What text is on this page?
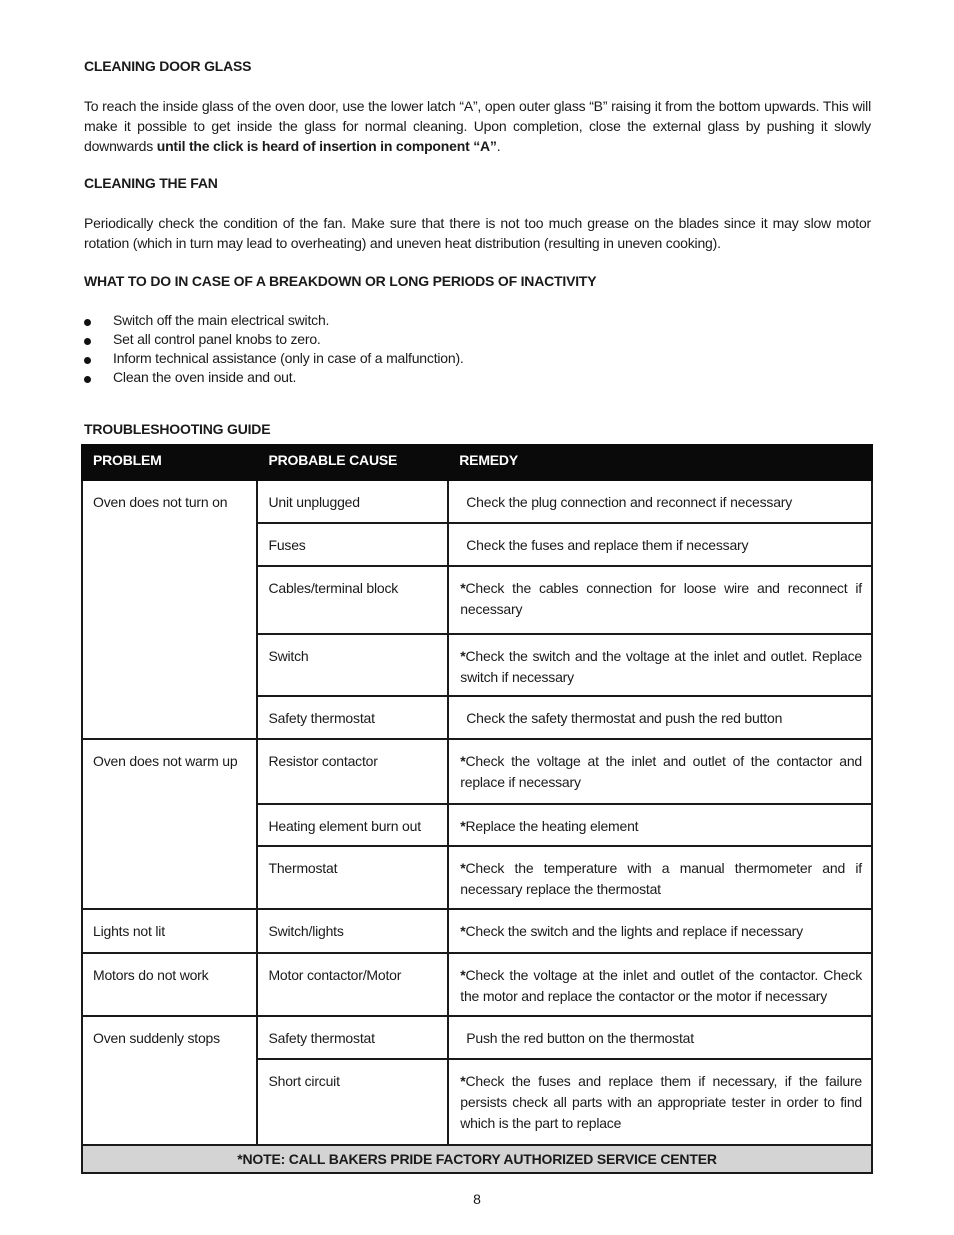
CLEANING DOOR GLASS
To reach the inside glass of the oven door, use the lower latch “A”, open outer glass “B” raising it from the bottom upwards. This will make it possible to get inside the glass for normal cleaning. Upon completion, close the external glass by pushing it slowly downwards until the click is heard of insertion in component “A”.
CLEANING THE FAN
Periodically check the condition of the fan. Make sure that there is not too much grease on the blades since it may slow motor rotation (which in turn may lead to overheating) and uneven heat distribution (resulting in uneven cooking).
WHAT TO DO IN CASE OF A BREAKDOWN OR LONG PERIODS OF INACTIVITY
Switch off the main electrical switch.
Set all control panel knobs to zero.
Inform technical assistance (only in case of a malfunction).
Clean the oven inside and out.
TROUBLESHOOTING GUIDE
PROBLEM	PROBABLE CAUSE	REMEDY

Oven does not turn on	Unit unplugged	Check the plug connection and reconnect if necessary

	Fuses	Check the fuses and replace them if necessary

	Cables/terminal block	*Check the cables connection for loose wire and reconnect if necessary

	Switch	*Check the switch and the voltage at the inlet and outlet. Replace switch if necessary

	Safety thermostat	Check the safety thermostat and push the red button

Oven does not warm up	Resistor contactor	*Check the voltage at the inlet and outlet of the contactor and replace if necessary

	Heating element burn out	*Replace the heating element

	Thermostat	*Check the temperature with a manual thermometer and if necessary replace the thermostat

Lights not lit	Switch/lights	*Check the switch and the lights and replace if necessary

Motors do not work	Motor contactor/Motor	*Check the voltage at the inlet and outlet of the contactor. Check the motor and replace the contactor or the motor if necessary

Oven suddenly stops	Safety thermostat	Push the red button on the thermostat

	Short circuit	*Check the fuses and replace them if necessary, if the failure persists check all parts with an appropriate tester in order to find which is the part to replace

*NOTE: CALL BAKERS PRIDE FACTORY AUTHORIZED SERVICE CENTER		
8
